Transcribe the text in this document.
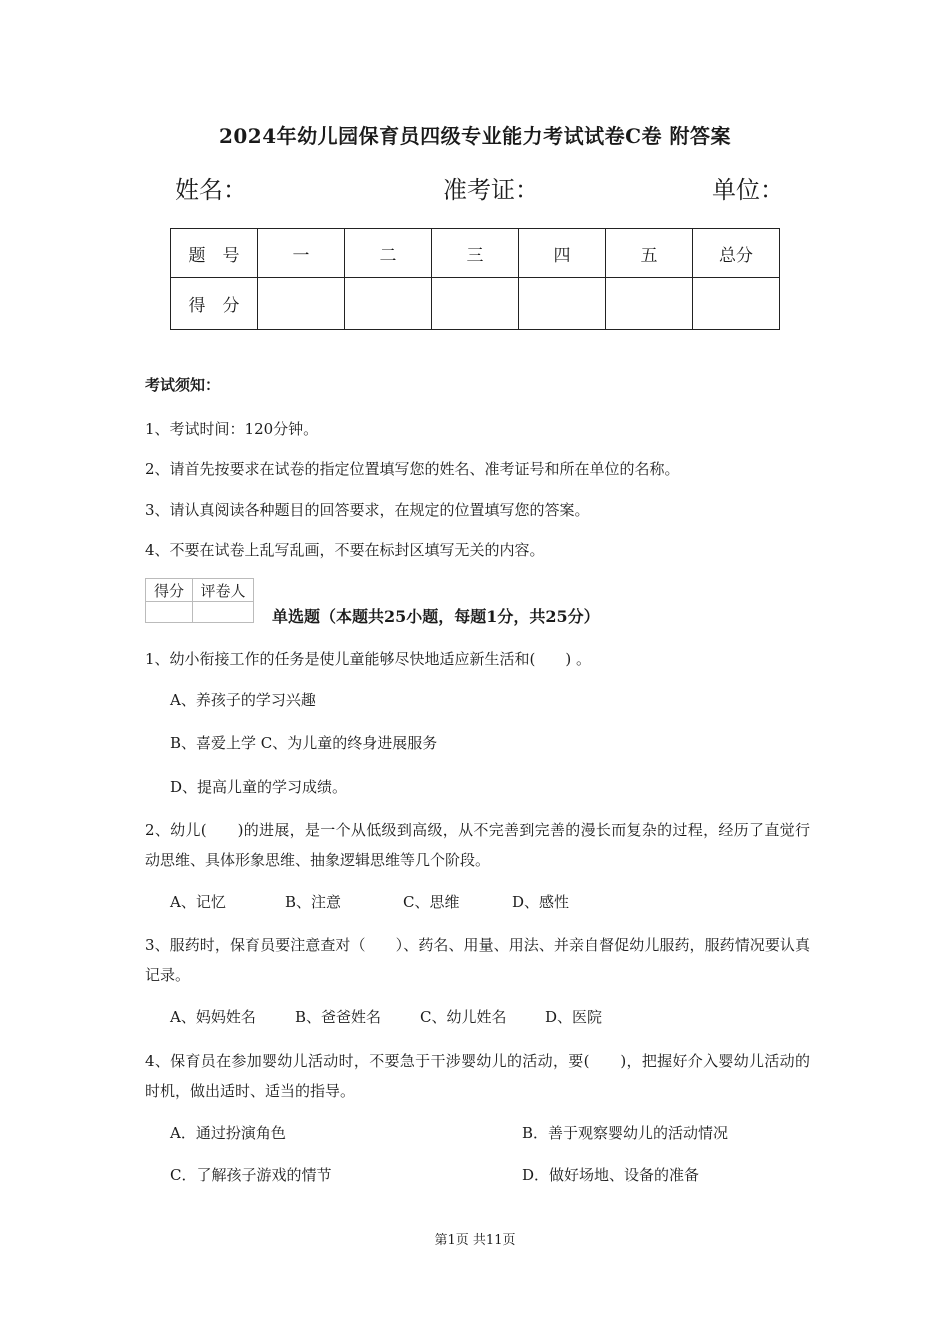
2024年幼儿园保育员四级专业能力考试试卷C卷 附答案
姓名：	准考证：	单位：
题　号	一	二	三	四	五	总分
得　分						
考试须知：
1、考试时间：120分钟。
2、请首先按要求在试卷的指定位置填写您的姓名、准考证号和所在单位的名称。
3、请认真阅读各种题目的回答要求，在规定的位置填写您的答案。
4、不要在试卷上乱写乱画，不要在标封区填写无关的内容。
得分	评卷人

单选题（本题共25小题，每题1分，共25分）
1、幼小衔接工作的任务是使儿童能够尽快地适应新生活和(　　) 。
A、养孩子的学习兴趣
B、喜爱上学 C、为儿童的终身进展服务
D、提高儿童的学习成绩。
2、幼儿(　　)的进展，是一个从低级到高级，从不完善到完善的漫长而复杂的过程，经历了直觉行动思维、具体形象思维、抽象逻辑思维等几个阶段。
A、记忆	B、注意	C、思维	D、感性
3、服药时，保育员要注意查对（　　）、药名、用量、用法、并亲自督促幼儿服药，服药情况要认真记录。
A、妈妈姓名	B、爸爸姓名	C、幼儿姓名	D、医院
4、保育员在参加婴幼儿活动时，不要急于干涉婴幼儿的活动，要(　　)，把握好介入婴幼儿活动的时机，做出适时、适当的指导。
A．通过扮演角色	B．善于观察婴幼儿的活动情况
C．了解孩子游戏的情节	D．做好场地、设备的准备
第1页 共11页
